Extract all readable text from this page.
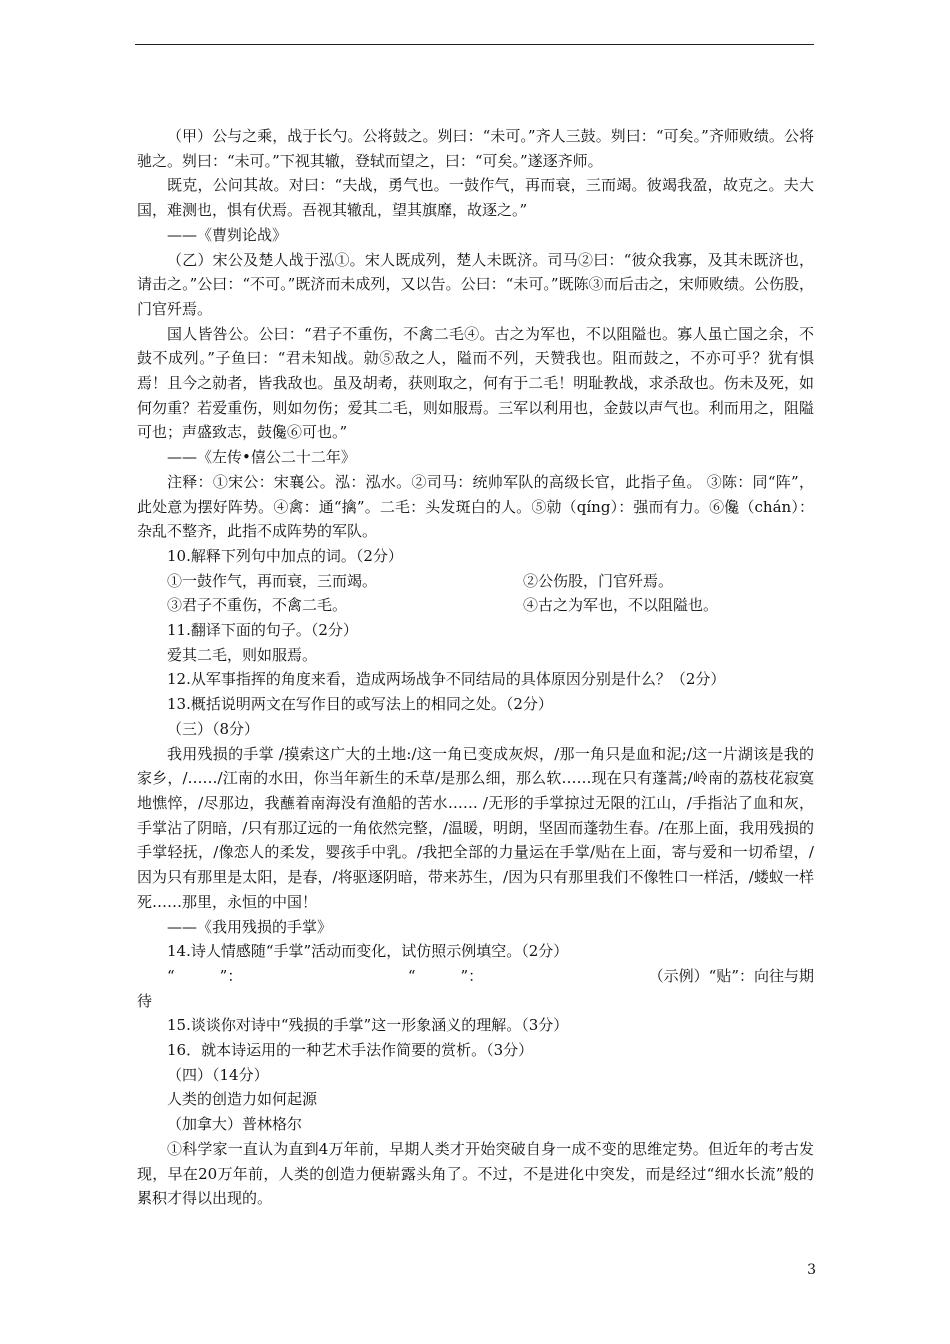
（甲）公与之乘，战于长勺。公将鼓之。刿曰：“未可。”齐人三鼓。刿曰：“可矣。”齐师败绩。公将驰之。刿曰：“未可。”下视其辙，登轼而望之，曰：“可矣。”遂逐齐师。

既克，公问其故。对曰：“夫战，勇气也。一鼓作气，再而衰，三而竭。彼竭我盈，故克之。夫大国，难测也，惧有伏焉。吾视其辙乱，望其旗靡，故逐之。”

——《曹刿论战》

（乙）宋公及楚人战于泓①。宋人既成列，楚人未既济。司马②曰：“彼众我寡，及其未既济也，请击之。”公曰：“不可。”既济而未成列，又以告。公曰：“未可。”既陈③而后击之，宋师败绩。公伤股，门官歼焉。

国人皆咎公。公曰：“君子不重伤，不禽二毛④。古之为军也，不以阻隘也。寡人虽亡国之余，不鼓不成列。”子鱼曰：“君未知战。勍⑤敌之人，隘而不列，天赞我也。阻而鼓之，不亦可乎？犹有惧焉！且今之勍者，皆我敌也。虽及胡耇，获则取之，何有于二毛！明耻教战，求杀敌也。伤未及死，如何勿重？若爱重伤，则如勿伤；爱其二毛，则如服焉。三军以利用也，金鼓以声气也。利而用之，阻隘可也；声盛致志，鼓儳⑥可也。”

——《左传•僖公二十二年》

注释：①宋公：宋襄公。泓：泓水。②司马：统帅军队的高级长官，此指子鱼。 ③陈：同“阵”，此处意为摆好阵势。④禽：通“擒”。二毛：头发斑白的人。⑤勍（qíng）：强而有力。⑥儳（chán）：杂乱不整齐，此指不成阵势的军队。

10.解释下列句中加点的词。（2分）

①一鼓作气，再而衰，三而竭。	②公伤股，门官歼焉。
③君子不重伤，不禽二毛。	④古之为军也，不以阻隘也。

11.翻译下面的句子。（2分）

爱其二毛，则如服焉。

12.从军事指挥的角度来看，造成两场战争不同结局的具体原因分别是什么？（2分）

13.概括说明两文在写作目的或写法上的相同之处。（2分）

（三）（8分）

我用残损的手掌 /摸索这广大的土地:/这一角已变成灰烬，/那一角只是血和泥;/这一片湖该是我的家乡，/……/江南的水田，你当年新生的禾草/是那么细，那么软……现在只有蓬蒿;/岭南的荔枝花寂寞地憔悴，/尽那边，我蘸着南海没有渔船的苦水…… /无形的手掌掠过无限的江山，/手指沾了血和灰，手掌沾了阴暗，/只有那辽远的一角依然完整，/温暖，明朗，坚固而蓬勃生春。/在那上面，我用残损的手掌轻抚，/像恋人的柔发，婴孩手中乳。/我把全部的力量运在手掌/贴在上面，寄与爱和一切希望，/因为只有那里是太阳，是春，/将驱逐阴暗，带来苏生，/因为只有那里我们不像牲口一样活，/蝼蚁一样死……那里，永恒的中国！

——《我用残损的手掌》

14.诗人情感随“手掌”活动而变化，试仿照示例填空。（2分）

“　　　”：	“　　　”：	（示例）“贴”：向往与期

待

15.谈谈你对诗中“残损的手掌”这一形象涵义的理解。（3分）

16．就本诗运用的一种艺术手法作简要的赏析。（3分）

（四）（14分）

人类的创造力如何起源

（加拿大）普林格尔

①科学家一直认为直到4万年前，早期人类才开始突破自身一成不变的思维定势。但近年的考古发现，早在20万年前，人类的创造力便崭露头角了。不过，不是进化中突发，而是经过“细水长流”般的累积才得以出现的。

3
